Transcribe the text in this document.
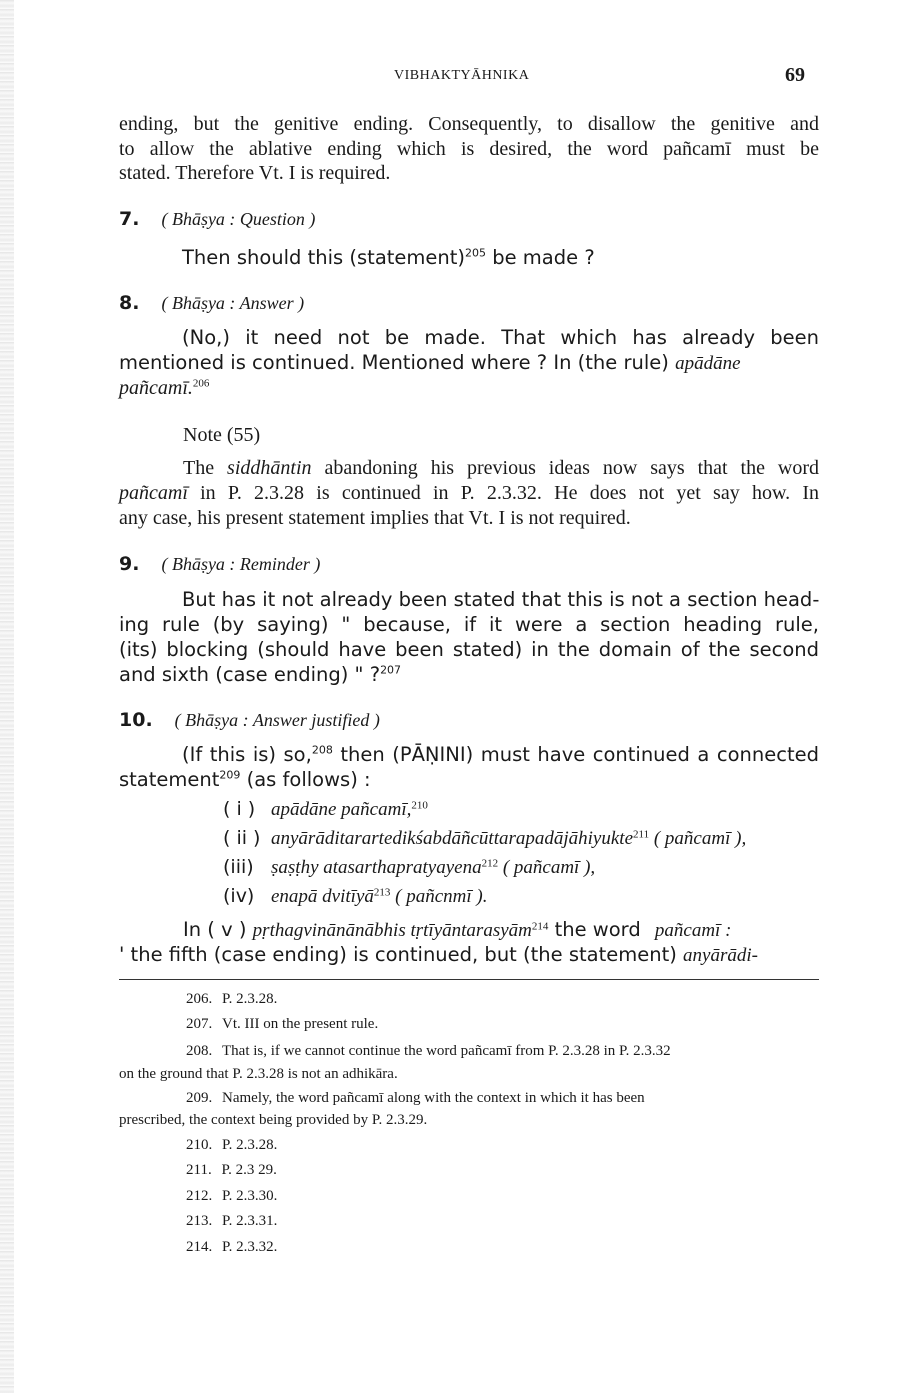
VIBHAKTYĀHNIKA	69
ending, but the genitive ending. Consequently, to disallow the genitive and
to allow the ablative ending which is desired, the word pañcamī must be
stated. Therefore Vt. I is required.
7. ( Bhāṣya : Question )
Then should this (statement)$^{205}$ be made ?
8. ( Bhāṣya : Answer )
(No,) it need not be made. That which has already been
mentioned is continued. Mentioned where ? In (the rule) apādāne
pañcamī.$^{206}$
Note (55)
The siddhāntin abandoning his previous ideas now says that the word
pañcamī in P. 2.3.28 is continued in P. 2.3.32. He does not yet say how. In
any case, his present statement implies that Vt. I is not required.
9. ( Bhāṣya : Reminder )
But has it not already been stated that this is not a section head-
ing rule (by saying) " because, if it were a section heading rule,
(its) blocking (should have been stated) in the domain of the second
and sixth (case ending) " ?$^{207}$
10. ( Bhāṣya : Answer justified )
(If this is) so,$^{208}$ then (PĀṆINI) must have continued a connected
statement$^{209}$ (as follows) :
( i ) apādāne pañcamī,$^{210}$
( ii ) anyārāditarartedikśabdāñcūttarapadājāhiyukte$^{211}$ ( pañcamī ),
(iii) ṣaṣṭhy atasarthapratyayena$^{212}$ ( pañcamī ),
(iv) enapā dvitīyā$^{213}$ ( pañcnmī ).
In ( v ) pṛthagvinānānābhis tṛtīyāntarasyām$^{214}$ the word pañcamī :
' the fifth (case ending) is continued, but (the statement) anyārādi-
206. P. 2.3.28.
207. Vt. III on the present rule.
208. That is, if we cannot continue the word pañcamī from P. 2.3.28 in P. 2.3.32
on the ground that P. 2.3.28 is not an adhikāra.
209. Namely, the word pañcamī along with the context in which it has been
prescribed, the context being provided by P. 2.3.29.
210. P. 2.3.28.
211. P. 2.3 29.
212. P. 2.3.30.
213. P. 2.3.31.
214. P. 2.3.32.
